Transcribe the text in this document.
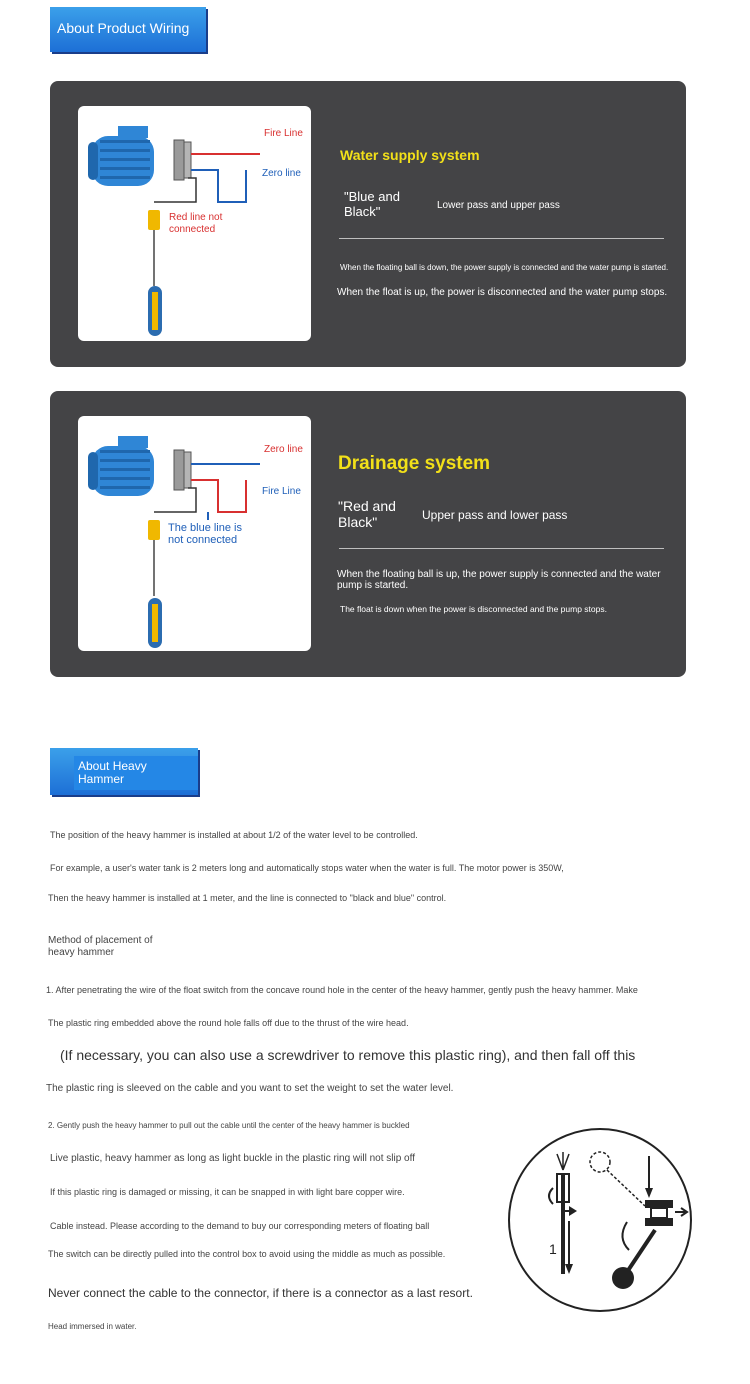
About Product Wiring
Fire Line
Zero line
Red line not connected
Water supply system
"Blue and Black"	Lower pass and upper pass
When the floating ball is down, the power supply is connected and the water pump is started.
When the float is up, the power is disconnected and the water pump stops.
Zero line
Fire Line
The blue line is not connected
Drainage system
"Red and Black"	Upper pass and lower pass
When the floating ball is up, the power supply is connected and the water pump is started.
The float is down when the power is disconnected and the pump stops.
About Heavy Hammer
The position of the heavy hammer is installed at about 1/2 of the water level to be controlled.
For example, a user's water tank is 2 meters long and automatically stops water when the water is full. The motor power is 350W,
Then the heavy hammer is installed at 1 meter, and the line is connected to "black and blue" control.
Method of placement of heavy hammer
1. After penetrating the wire of the float switch from the concave round hole in the center of the heavy hammer, gently push the heavy hammer. Make
The plastic ring embedded above the round hole falls off due to the thrust of the wire head.
(If necessary, you can also use a screwdriver to remove this plastic ring), and then fall off this
The plastic ring is sleeved on the cable and you want to set the weight to set the water level.
2. Gently push the heavy hammer to pull out the cable until the center of the heavy hammer is buckled
Live plastic, heavy hammer as long as light buckle in the plastic ring will not slip off
If this plastic ring is damaged or missing, it can be snapped in with light bare copper wire.
Cable instead. Please according to the demand to buy our corresponding meters of floating ball
The switch can be directly pulled into the control box to avoid using the middle as much as possible.
Never connect the cable to the connector, if there is a connector as a last resort.
Head immersed in water.
1
